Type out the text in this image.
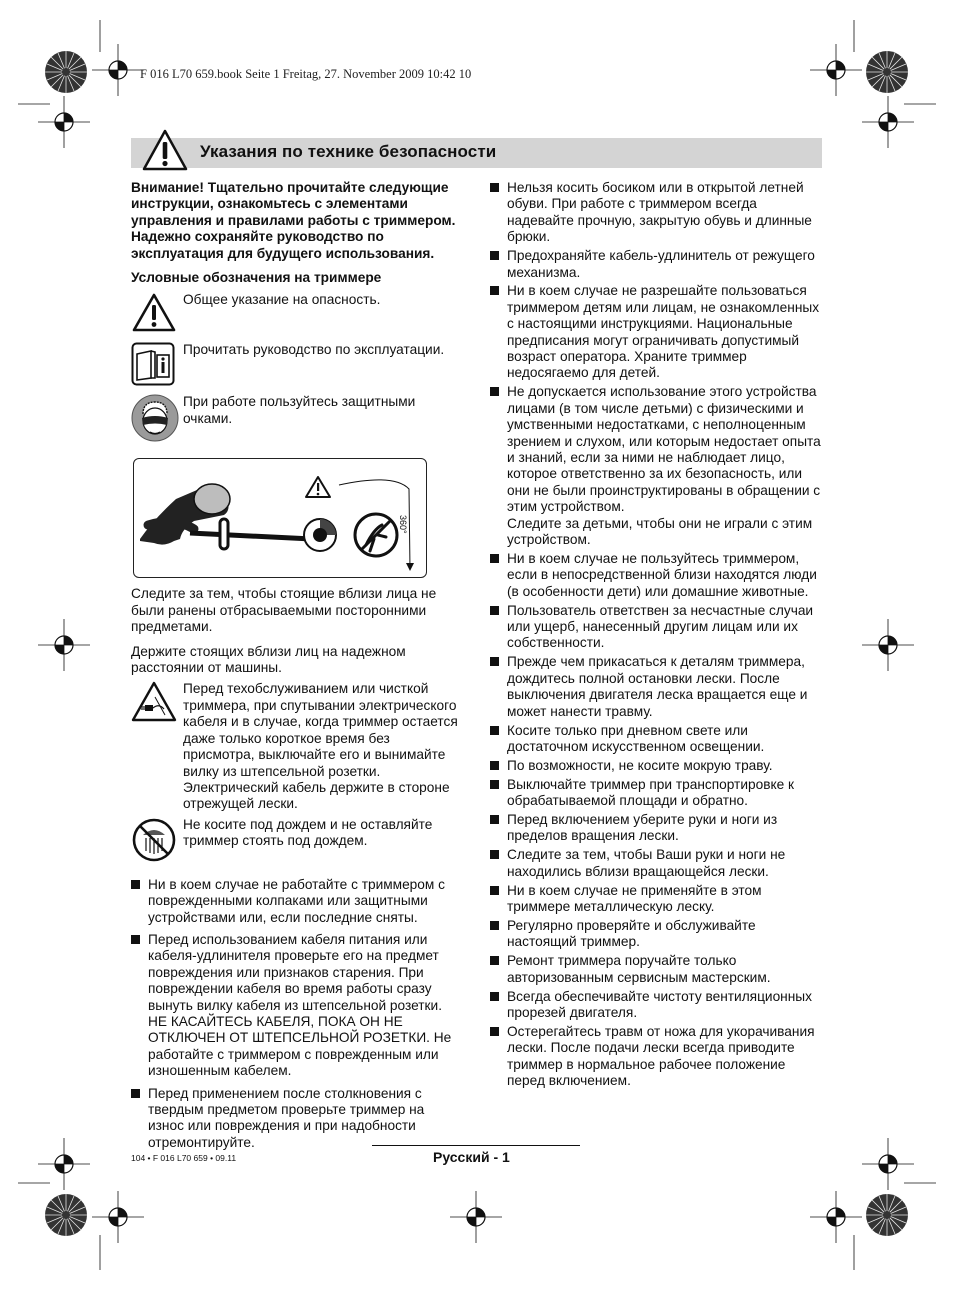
F 016 L70 659.book Seite 1 Freitag, 27. November 2009 10:42 10
Указания по технике безопасности

Внимание! Тщательно прочитайте следующие инструкции, ознакомьтесь с элементами управления и правилами работы с триммером. Надежно сохраняйте руководство по эксплуатация для будущего использования.

Условные обозначения на триммере

Общее указание на опасность.
Прочитать руководство по эксплуатации.
При работе пользуйтесь защитными очками.
360°

Следите за тем, чтобы стоящие вблизи лица не были ранены отбрасываемыми посторонними предметами.

Держите стоящих вблизи лиц на надежном расстоянии от машины.

Перед техобслуживанием или чисткой триммера, при спутывании электрического кабеля и в случае, когда триммер остается даже только короткое время без присмотра, выключайте его и вынимайте вилку из штепсельной розетки. Электрический кабель держите в стороне отрежущей лески.
Не косите под дождем и не оставляйте триммер стоять под дождем.
Ни в коем случае не работайте с триммером с поврежденными колпаками или защитными устройствами или, если последние сняты.
Перед использованием кабеля питания или кабеля-удлинителя проверьте его на предмет повреждения или признаков старения. При повреждении кабеля во время работы сразу вынуть вилку кабеля из штепсельной розетки. НЕ КАСАЙТЕСЬ КАБЕЛЯ, ПОКА ОН НЕ ОТКЛЮЧЕН ОТ ШТЕПСЕЛЬНОЙ РОЗЕТКИ. Не работайте с триммером с поврежденным или изношенным кабелем.
Перед применением после столкновения с твердым предметом проверьте триммер на износ или повреждения и при надобности отремонтируйте.
Нельзя косить босиком или в открытой летней обуви. При работе с триммером всегда надевайте прочную, закрытую обувь и длинные брюки.
Предохраняйте кабель-удлинитель от режущего механизма.
Ни в коем случае не разрешайте пользоваться триммером детям или лицам, не ознакомленных с настоящими инструкциями. Национальные предписания могут ограничивать допустимый возраст оператора. Храните триммер недосягаемо для детей.
Не допускается использование этого устройства лицами (в том числе детьми) с физическими и умственными недостатками, с неполноценным зрением и слухом, или которым недостает опыта и знаний, если за ними не наблюдает лицо, которое ответственно за их безопасность, или они не были проинструктированы в обращении с этим устройством.
Следите за детьми, чтобы они не играли с этим устройством.
Ни в коем случае не пользуйтесь триммером, если в непосредственной близи находятся люди (в особенности дети) или домашние животные.
Пользователь ответствен за несчастные случаи или ущерб, нанесенный другим лицам или их собственности.
Прежде чем прикасаться к деталям триммера, дождитесь полной остановки лески. После выключения двигателя леска вращается еще и может нанести травму.
Косите только при дневном свете или достаточном искусственном освещении.
По возможности, не косите мокрую траву.
Выключайте триммер при транспортировке к обрабатываемой площади и обратно.
Перед включением уберите руки и ноги из пределов вращения лески.
Следите за тем, чтобы Ваши руки и ноги не находились вблизи вращающейся лески.
Ни в коем случае не применяйте в этом триммере металлическую леску.
Регулярно проверяйте и обслуживайте настоящий триммер.
Ремонт триммера поручайте только авторизованным сервисным мастерским.
Всегда обеспечивайте чистоту вентиляционных прорезей двигателя.
Остерегайтесь травм от ножа для укорачивания лески. После подачи лески всегда приводите триммер в нормальное рабочее положение перед включением.
104 • F 016 L70 659 • 09.11	Русский - 1
